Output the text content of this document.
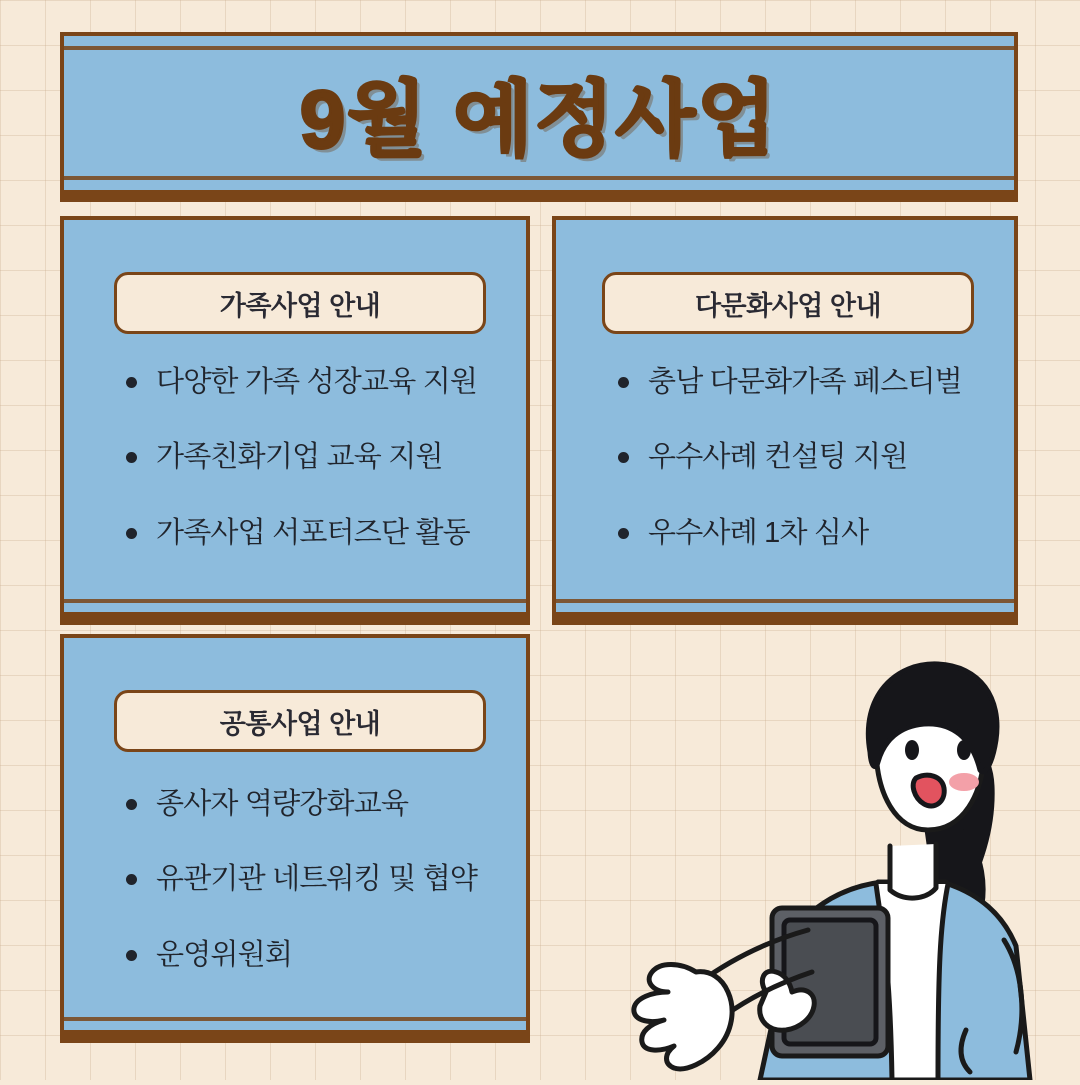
9월 예정사업
가족사업 안내
다양한 가족 성장교육 지원
가족친화기업 교육 지원
가족사업 서포터즈단 활동
다문화사업 안내
충남 다문화가족 페스티벌
우수사례 컨설팅 지원
우수사례 1차 심사
공통사업 안내
종사자 역량강화교육
유관기관 네트워킹 및 협약
운영위원회
